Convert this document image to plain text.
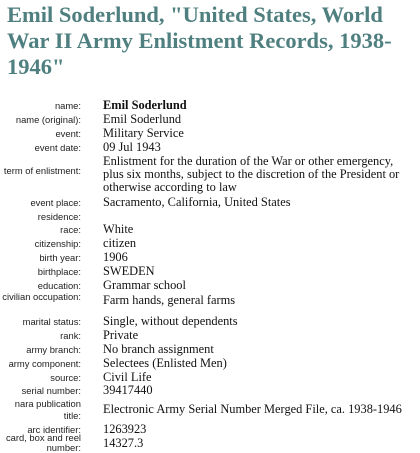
Emil Soderlund, "United States, World War II Army Enlistment Records, 1938-1946"
name: Emil Soderlund
name (original): Emil Soderlund
event: Military Service
event date: 09 Jul 1943
term of enlistment:
Enlistment for the duration of the War or other emergency, plus six months, subject to the discretion of the President or otherwise according to law
event place: Sacramento, California, United States
residence:
race: White
citizenship: citizen
birth year: 1906
birthplace: SWEDEN
education: Grammar school
civilian occupation: Farm hands, general farms
marital status: Single, without dependents
rank: Private
army branch: No branch assignment
army component: Selectees (Enlisted Men)
source: Civil Life
serial number: 39417440
nara publication title: Electronic Army Serial Number Merged File, ca. 1938-1946
arc identifier: 1263923
card, box and reel number: 14327.3
